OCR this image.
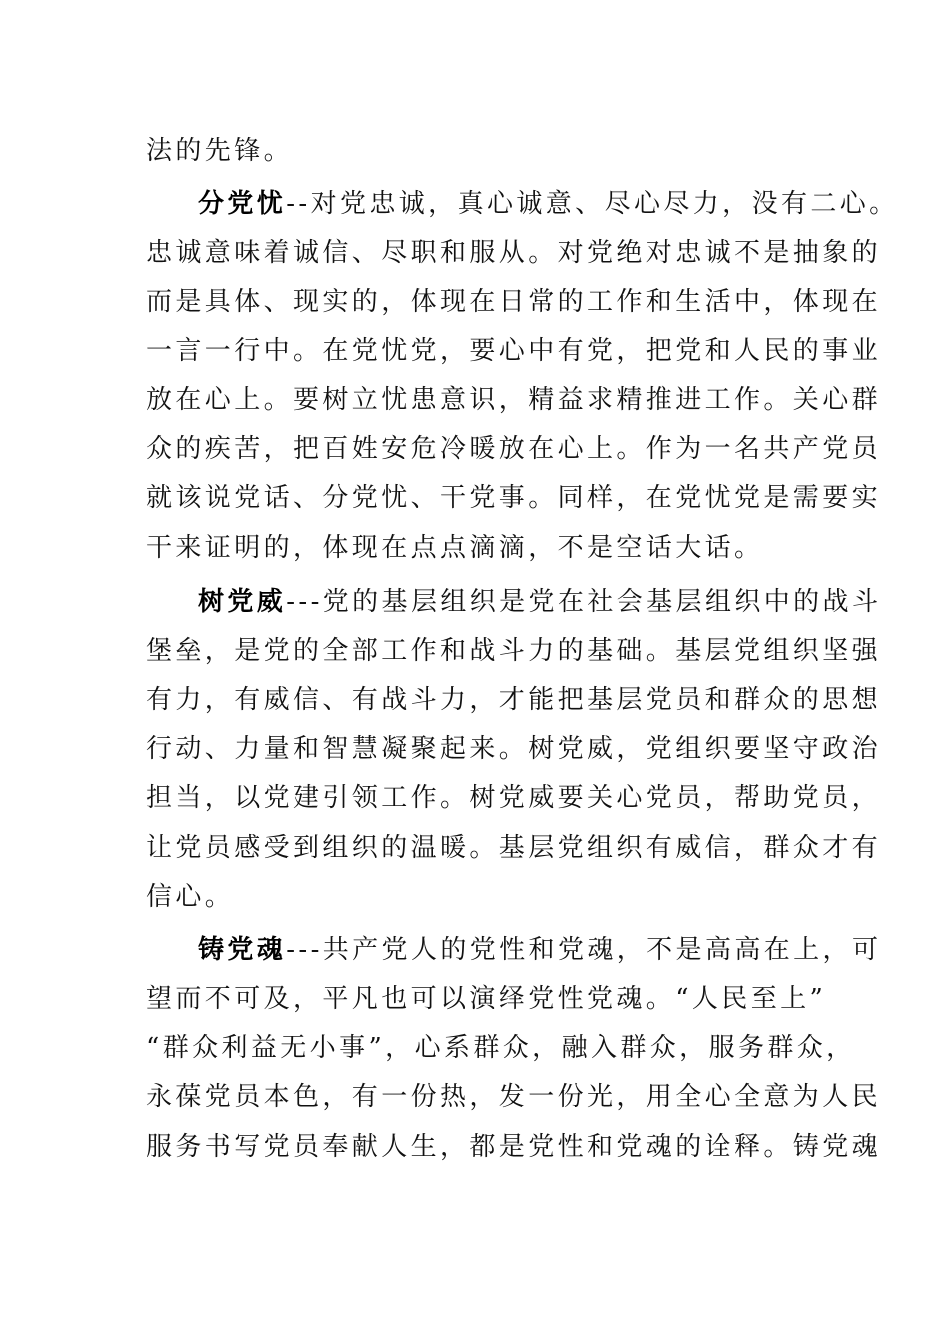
法的先锋。
分党忧--对党忠诚，真心诚意、尽心尽力，没有二心。
忠诚意味着诚信、尽职和服从。对党绝对忠诚不是抽象的
而是具体、现实的，体现在日常的工作和生活中，体现在
一言一行中。在党忧党，要心中有党，把党和人民的事业
放在心上。要树立忧患意识，精益求精推进工作。关心群
众的疾苦，把百姓安危冷暖放在心上。作为一名共产党员
就该说党话、分党忧、干党事。同样，在党忧党是需要实
干来证明的，体现在点点滴滴，不是空话大话。
树党威---党的基层组织是党在社会基层组织中的战斗
堡垒，是党的全部工作和战斗力的基础。基层党组织坚强
有力，有威信、有战斗力，才能把基层党员和群众的思想
行动、力量和智慧凝聚起来。树党威，党组织要坚守政治
担当，以党建引领工作。树党威要关心党员，帮助党员，
让党员感受到组织的温暖。基层党组织有威信，群众才有
信心。
铸党魂---共产党人的党性和党魂，不是高高在上，可
望而不可及，平凡也可以演绎党性党魂。“人民至上”
“群众利益无小事”，心系群众，融入群众，服务群众，
永葆党员本色，有一份热，发一份光，用全心全意为人民
服务书写党员奉献人生，都是党性和党魂的诠释。铸党魂
